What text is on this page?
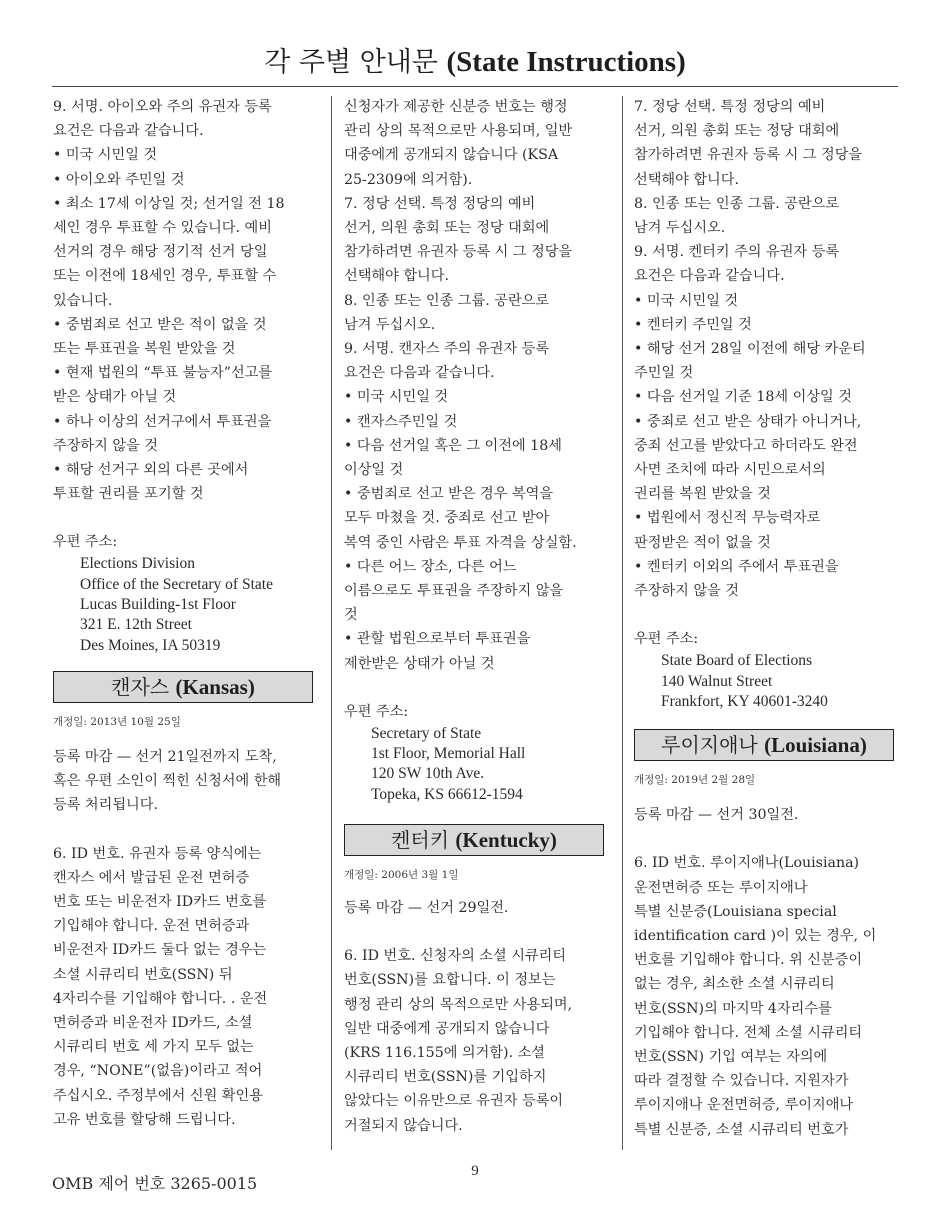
각 주별 안내문 (State Instructions)
9. 서명. 아이오와 주의 유권자 등록
요건은 다음과 같습니다.
• 미국 시민일 것
• 아이오와 주민일 것
• 최소 17세 이상일 것; 선거일 전 18
세인 경우 투표할 수 있습니다. 예비
선거의 경우 해당 정기적 선거 당일
또는 이전에 18세인 경우, 투표할 수
있습니다.
• 중범죄로 선고 받은 적이 없을 것
또는 투표권을 복원 받았을 것
• 현재 법원의 “투표 불능자”선고를
받은 상태가 아닐 것
• 하나 이상의 선거구에서 투표권을
주장하지 않을 것
• 해당 선거구 외의 다른 곳에서
투표할 권리를 포기할 것
우편 주소:
Elections Division
Office of the Secretary of State
Lucas Building-1st Floor
321 E. 12th Street
Des Moines, IA 50319
캔자스 (Kansas)
개정일: 2013년 10월 25일
등록 마감 — 선거 21일전까지 도착,
혹은 우편 소인이 찍힌 신청서에 한해
등록 처리됩니다.
6. ID 번호. 유권자 등록 양식에는
캔자스 에서 발급된 운전 면허증
번호 또는 비운전자 ID카드 번호를
기입해야 합니다. 운전 면허증과
비운전자 ID카드 둘다 없는 경우는
소셜 시큐리티 번호(SSN) 뒤
4자리수를 기입해야 합니다. . 운전
면허증과 비운전자 ID카드, 소셜
시큐리티 번호 세 가지 모두 없는
경우, “NONE”(없음)이라고 적어
주십시오. 주정부에서 신원 확인용
고유 번호를 할당해 드립니다.
신청자가 제공한 신분증 번호는 행정
관리 상의 목적으로만 사용되며, 일반
대중에게 공개되지 않습니다 (KSA
25-2309에 의거함).
7. 정당 선택. 특정 정당의 예비
선거, 의원 총회 또는 정당 대회에
참가하려면 유권자 등록 시 그 정당을
선택해야 합니다.
8. 인종 또는 인종 그룹. 공란으로
남겨 두십시오.
9. 서명. 캔자스 주의 유권자 등록
요건은 다음과 같습니다.
• 미국 시민일 것
• 캔자스주민일 것
• 다음 선거일 혹은 그 이전에 18세
이상일 것
• 중범죄로 선고 받은 경우 복역을
모두 마쳤을 것. 중죄로 선고 받아
복역 중인 사람은 투표 자격을 상실함.
• 다른 어느 장소, 다른 어느
이름으로도 투표권을 주장하지 않을
것
• 관할 법원으로부터 투표권을
제한받은 상태가 아닐 것
우편 주소:
Secretary of State
1st Floor, Memorial Hall
120 SW 10th Ave.
Topeka, KS 66612-1594
켄터키 (Kentucky)
개정일: 2006년 3월 1일
등록 마감 — 선거 29일전.
6. ID 번호. 신청자의 소셜 시큐리티
번호(SSN)를 요합니다. 이 정보는
행정 관리 상의 목적으로만 사용되며,
일반 대중에게 공개되지 않습니다
(KRS 116.155에 의거함). 소셜
시큐리티 번호(SSN)를 기입하지
않았다는 이유만으로 유권자 등록이
거절되지 않습니다.
7. 정당 선택. 특정 정당의 예비
선거, 의원 총회 또는 정당 대회에
참가하려면 유권자 등록 시 그 정당을
선택해야 합니다.
8. 인종 또는 인종 그룹. 공란으로
남겨 두십시오.
9. 서명. 켄터키 주의 유권자 등록
요건은 다음과 같습니다.
• 미국 시민일 것
• 켄터키 주민일 것
• 해당 선거 28일 이전에 해당 카운티
주민일 것
• 다음 선거일 기준 18세 이상일 것
• 중죄로 선고 받은 상태가 아니거나,
중죄 선고를 받았다고 하더라도 완전
사면 조치에 따라 시민으로서의
권리를 복원 받았을 것
• 법원에서 정신적 무능력자로
판정받은 적이 없을 것
• 켄터키 이외의 주에서 투표권을
주장하지 않을 것
우편 주소:
State Board of Elections
140 Walnut Street
Frankfort, KY 40601-3240
루이지애나 (Louisiana)
개정일: 2019년 2월 28일
등록 마감 — 선거 30일전.
6. ID 번호. 루이지애나(Louisiana)
운전면허증 또는 루이지애나
특별 신분증(Louisiana special
identification card )이 있는 경우, 이
번호를 기입해야 합니다. 위 신분증이
없는 경우, 최소한 소셜 시큐리티
번호(SSN)의 마지막 4자리수를
기입해야 합니다. 전체 소셜 시큐리티
번호(SSN) 기입 여부는 자의에
따라 결정할 수 있습니다. 지원자가
루이지애나 운전면허증, 루이지애나
특별 신분증, 소셜 시큐리티 번호가
OMB 제어 번호 3265-0015
9
